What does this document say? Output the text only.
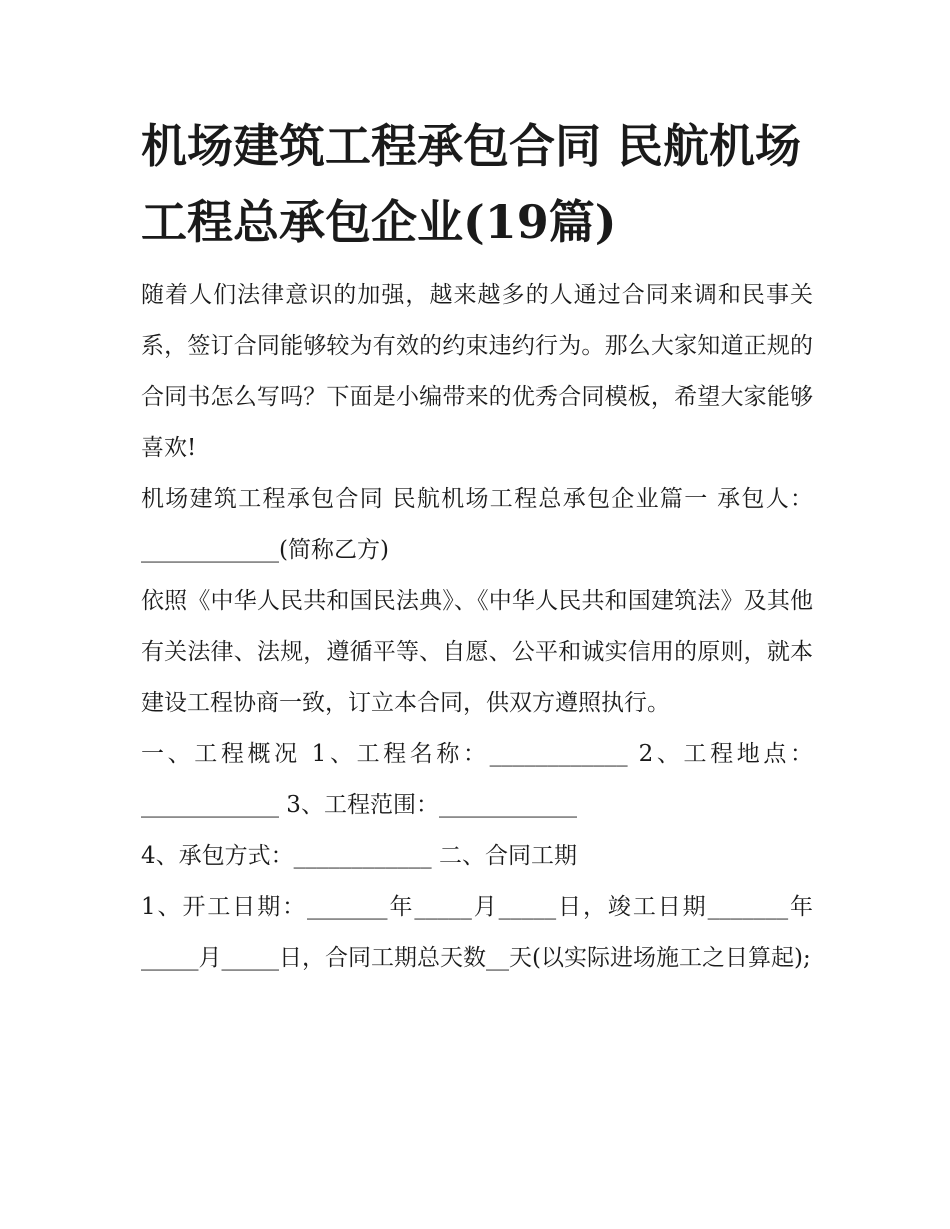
机场建筑工程承包合同 民航机场工程总承包企业(19篇)

随着人们法律意识的加强，越来越多的人通过合同来调和民事关系，签订合同能够较为有效的约束违约行为。那么大家知道正规的合同书怎么写吗？下面是小编带来的优秀合同模板，希望大家能够喜欢!

机场建筑工程承包合同 民航机场工程总承包企业篇一 承包人：____________(简称乙方)

依照《中华人民共和国民法典》、《中华人民共和国建筑法》及其他有关法律、法规，遵循平等、自愿、公平和诚实信用的原则，就本建设工程协商一致，订立本合同，供双方遵照执行。

一、工程概况 1、工程名称：____________ 2、工程地点：____________ 3、工程范围：____________

4、承包方式：____________ 二、合同工期

1、开工日期：_______年_____月_____日，竣工日期_______年_____月_____日，合同工期总天数__天(以实际进场施工之日算起);
